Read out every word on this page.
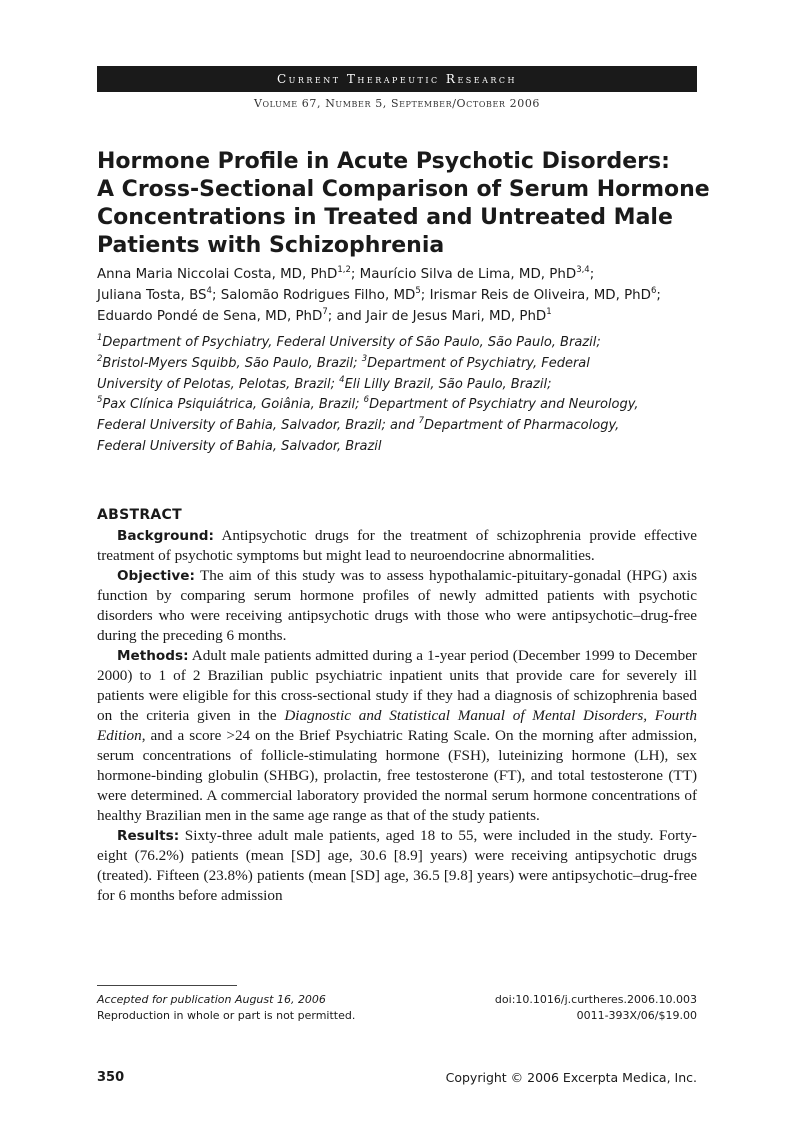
Current Therapeutic Research
Volume 67, Number 5, September/October 2006
Hormone Profile in Acute Psychotic Disorders:
A Cross-Sectional Comparison of Serum Hormone
Concentrations in Treated and Untreated Male
Patients with Schizophrenia
Anna Maria Niccolai Costa, MD, PhD$^{1,2}$; Maurício Silva de Lima, MD, PhD$^{3,4}$;
Juliana Tosta, $BS^4$; Salomão Rodrigues Filho, $MD^5$; Irismar Reis de Oliveira, MD, PhD$^6$;
Eduardo Pondé de Sena, MD, PhD$^7$; and Jair de Jesus Mari, MD, PhD$^1$
$^1$Department of Psychiatry, Federal University of São Paulo, São Paulo, Brazil;
$^2$Bristol-Myers Squibb, São Paulo, Brazil; $^3$Department of Psychiatry, Federal
University of Pelotas, Pelotas, Brazil; $^4$Eli Lilly Brazil, São Paulo, Brazil;
$^5$Pax Clínica Psiquiátrica, Goiânia, Brazil; $^6$Department of Psychiatry and Neurology,
Federal University of Bahia, Salvador, Brazil; and $^7$Department of Pharmacology,
Federal University of Bahia, Salvador, Brazil
ABSTRACT

Background: Antipsychotic drugs for the treatment of schizophrenia provide effective treatment of psychotic symptoms but might lead to neuroendocrine abnormalities.

Objective: The aim of this study was to assess hypothalamic-pituitary-gonadal (HPG) axis function by comparing serum hormone profiles of newly admitted patients with psychotic disorders who were receiving antipsychotic drugs with those who were antipsychotic–drug-free during the preceding 6 months.

Methods: Adult male patients admitted during a 1-year period (December 1999 to December 2000) to 1 of 2 Brazilian public psychiatric inpatient units that provide care for severely ill patients were eligible for this cross-sectional study if they had a diagnosis of schizophrenia based on the criteria given in the Diagnostic and Statistical Manual of Mental Disorders, Fourth Edition, and a score >24 on the Brief Psychiatric Rating Scale. On the morning after admission, serum concentrations of follicle-stimulating hormone (FSH), luteinizing hormone (LH), sex hormone-binding globulin (SHBG), prolactin, free testosterone (FT), and total testosterone (TT) were determined. A commercial laboratory provided the normal serum hormone concentrations of healthy Brazilian men in the same age range as that of the study patients.

Results: Sixty-three adult male patients, aged 18 to 55, were included in the study. Forty-eight (76.2%) patients (mean [SD] age, 30.6 [8.9] years) were receiving antipsychotic drugs (treated). Fifteen (23.8%) patients (mean [SD] age, 36.5 [9.8] years) were antipsychotic–drug-free for 6 months before admission

Accepted for publication August 16, 2006
Reproduction in whole or part is not permitted.
doi:10.1016/j.curtheres.2006.10.003
0011-393X/06/$19.00
350	Copyright © 2006 Excerpta Medica, Inc.
